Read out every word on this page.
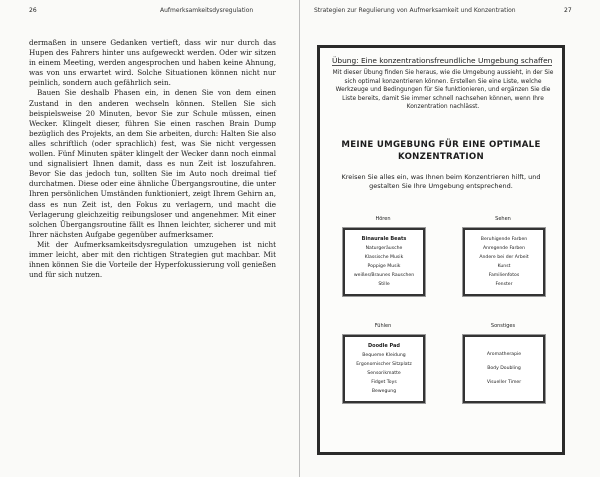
26	Aufmerksamkeitsdysregulation

dermaßen in unsere Gedanken vertieft, dass wir nur durch das Hupen des Fahrers hinter uns aufgeweckt werden. Oder wir sitzen in einem Meeting, werden angesprochen und haben keine Ahnung, was von uns erwartet wird. Solche Situationen können nicht nur peinlich, sondern auch gefährlich sein.

Bauen Sie deshalb Phasen ein, in denen Sie von dem einen Zustand in den anderen wechseln können. Stellen Sie sich beispielsweise 20 Minuten, bevor Sie zur Schule müssen, einen Wecker. Klingelt dieser, führen Sie einen raschen Brain Dump bezüglich des Projekts, an dem Sie arbeiten, durch: Halten Sie also alles schriftlich (oder sprachlich) fest, was Sie nicht vergessen wollen. Fünf Minuten später klingelt der Wecker dann noch einmal und signalisiert Ihnen damit, dass es nun Zeit ist loszufahren. Bevor Sie das jedoch tun, sollten Sie im Auto noch dreimal tief durchatmen. Diese oder eine ähnliche Übergangsroutine, die unter Ihren persönlichen Umständen funktioniert, zeigt Ihrem Gehirn an, dass es nun Zeit ist, den Fokus zu verlagern, und macht die Verlagerung gleichzeitig reibungsloser und angenehmer. Mit einer solchen Übergangsroutine fällt es Ihnen leichter, sicherer und mit Ihrer nächsten Aufgabe gegenüber aufmerksamer.

Mit der Aufmerksamkeitsdysregulation umzugehen ist nicht immer leicht, aber mit den richtigen Strategien gut machbar. Mit ihnen können Sie die Vorteile der Hyperfokussierung voll genießen und für sich nutzen.

Strategien zur Regulierung von Aufmerksamkeit und Konzentration	27
Übung: Eine konzentrationsfreundliche Umgebung schaffen
Mit dieser Übung finden Sie heraus, wie die Umgebung aussieht, in der Sie sich optimal konzentrieren können. Erstellen Sie eine Liste, welche Werkzeuge und Bedingungen für Sie funktionieren, und ergänzen Sie die Liste bereits, damit Sie immer schnell nachsehen können, wenn Ihre Konzentration nachlässt.
MEINE UMGEBUNG FÜR EINE OPTIMALE
KONZENTRATION
Kreisen Sie alles ein, was Ihnen beim Konzentrieren hilft, und gestalten Sie Ihre Umgebung entsprechend.
Hören
Binaurale Beats
Naturgeräusche
Klassische Musik
Poppige Musik
weißes/Braunes Rauschen
Stille
Sehen
Beruhigende Farben
Anregende Farben
Andere bei der Arbeit
Kunst
Familienfotos
Fenster
Fühlen
Doodle Pad
Bequeme Kleidung
Ergonomischer Sitzplatz
Sensorikmatte
Fidget Toys
Bewegung
Sonstiges
Aromatherapie
Body Doubling
Visueller Timer
